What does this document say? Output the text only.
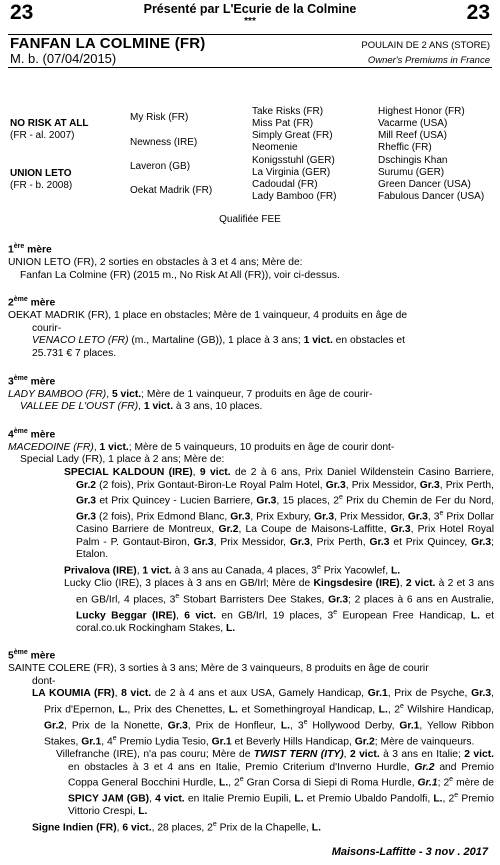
23	23
Présenté par L'Ecurie de la Colmine
***
FANFAN LA COLMINE (FR)
M. b. (07/04/2015)
POULAIN DE 2 ANS (STORE)
Owner's Premiums in France
NO RISK AT ALL
(FR - al. 2007)
UNION LETO
(FR - b. 2008)
My Risk (FR)
Newness (IRE)
Laveron (GB)
Oekat Madrik (FR)
Take Risks (FR)
Miss Pat (FR)
Simply Great (FR)
Neomenie
Konigsstuhl (GER)
La Virginia (GER)
Cadoudal (FR)
Lady Bamboo (FR)
Highest Honor (FR)
Vacarme (USA)
Mill Reef (USA)
Rheffic (FR)
Dschingis Khan
Surumu (GER)
Green Dancer (USA)
Fabulous Dancer (USA)
Qualifiée FEE

1ère mère

UNION LETO (FR), 2 sorties en obstacles à 3 et 4 ans; Mère de:

Fanfan La Colmine (FR) (2015 m., No Risk At All (FR)), voir ci-dessus.

2ème mère

OEKAT MADRIK (FR), 1 place en obstacles; Mère de 1 vainqueur, 4 produits en âge de

courir-

VENACO LETO (FR) (m., Martaline (GB)), 1 place à 3 ans; 1 vict. en obstacles et

25.731 € 7 places.

3ème mère

LADY BAMBOO (FR), 5 vict.; Mère de 1 vainqueur, 7 produits en âge de courir-

VALLEE DE L'OUST (FR), 1 vict. à 3 ans, 10 places.

4ème mère

MACEDOINE (FR), 1 vict.; Mère de 5 vainqueurs, 10 produits en âge de courir dont-

Special Lady (FR), 1 place à 2 ans; Mère de:

SPECIAL KALDOUN (IRE), 9 vict. de 2 à 6 ans, Prix Daniel Wildenstein Casino Barriere, Gr.2 (2 fois), Prix Gontaut-Biron-Le Royal Palm Hotel, Gr.3, Prix Messidor, Gr.3, Prix Perth, Gr.3 et Prix Quincey - Lucien Barriere, Gr.3, 15 places, 2e Prix du Chemin de Fer du Nord, Gr.3 (2 fois), Prix Edmond Blanc, Gr.3, Prix Exbury, Gr.3, Prix Messidor, Gr.3, 3e Prix Dollar Casino Barriere de Montreux, Gr.2, La Coupe de Maisons-Laffitte, Gr.3, Prix Hotel Royal Palm - P. Gontaut-Biron, Gr.3, Prix Messidor, Gr.3, Prix Perth, Gr.3 et Prix Quincey, Gr.3; Etalon.

Privalova (IRE), 1 vict. à 3 ans au Canada, 4 places, 3e Prix Yacowlef, L.

Lucky Clio (IRE), 3 places à 3 ans en GB/Irl; Mère de Kingsdesire (IRE), 2 vict. à 2 et 3 ans en GB/Irl, 4 places, 3e Stobart Barristers Dee Stakes, Gr.3; 2 places à 6 ans en Australie, Lucky Beggar (IRE), 6 vict. en GB/Irl, 19 places, 3e European Free Handicap, L. et coral.co.uk Rockingham Stakes, L.

5ème mère

SAINTE COLERE (FR), 3 sorties à 3 ans; Mère de 3 vainqueurs, 8 produits en âge de courir

dont-

LA KOUMIA (FR), 8 vict. de 2 à 4 ans et aux USA, Gamely Handicap, Gr.1, Prix de Psyche, Gr.3, Prix d'Epernon, L., Prix des Chenettes, L. et Somethingroyal Handicap, L., 2e Wilshire Handicap, Gr.2, Prix de la Nonette, Gr.3, Prix de Honfleur, L., 3e Hollywood Derby, Gr.1, Yellow Ribbon Stakes, Gr.1, 4e Premio Lydia Tesio, Gr.1 et Beverly Hills Handicap, Gr.2; Mère de vainqueurs.

Villefranche (IRE), n'a pas couru; Mère de TWIST TERN (ITY), 2 vict. à 3 ans en Italie; 2 vict. en obstacles à 3 et 4 ans en Italie, Premio Criterium d'Inverno Hurdle, Gr.2 and Premio Coppa General Bocchini Hurdle, L., 2e Gran Corsa di Siepi di Roma Hurdle, Gr.1; 2e mère de SPICY JAM (GB), 4 vict. en Italie Premio Eupili, L. et Premio Ubaldo Pandolfi, L., 2e Premio Vittorio Crespi, L.

Signe Indien (FR), 6 vict., 28 places, 2e Prix de la Chapelle, L.

Maisons-Laffitte - 3 nov . 2017
